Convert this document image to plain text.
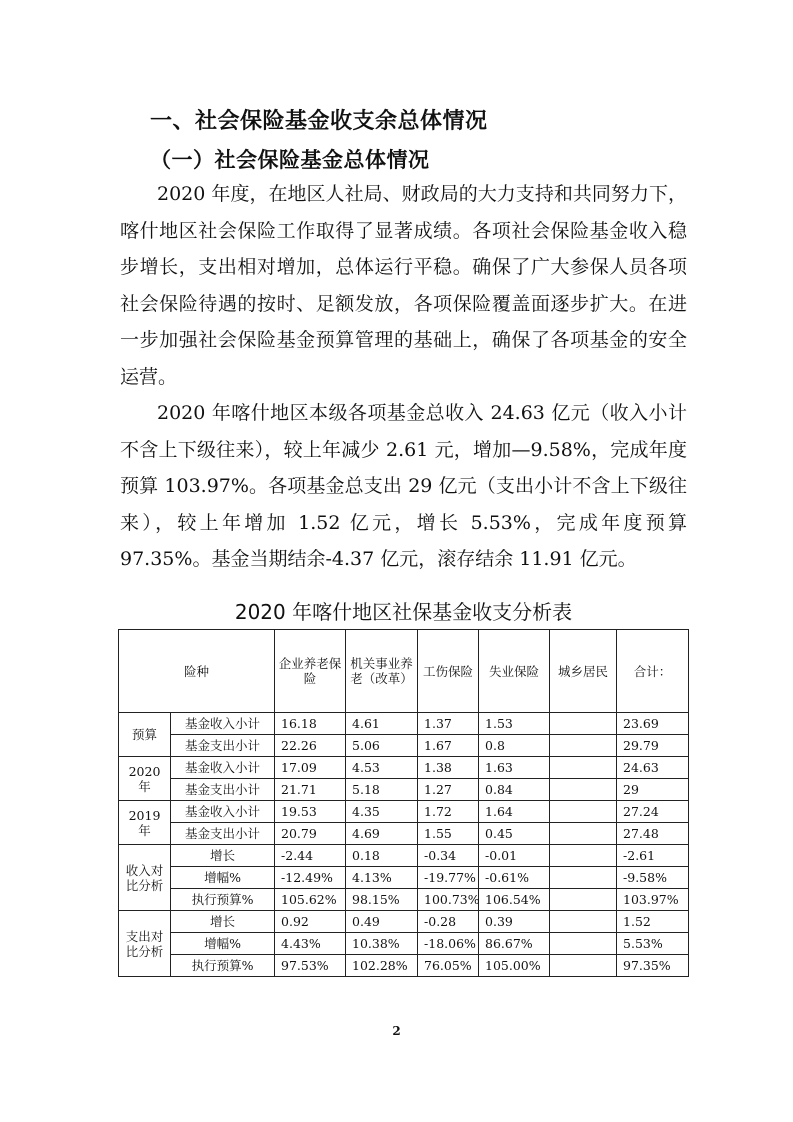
一、社会保险基金收支余总体情况
（一）社会保险基金总体情况

2020 年度，在地区人社局、财政局的大力支持和共同努力下，喀什地区社会保险工作取得了显著成绩。各项社会保险基金收入稳步增长，支出相对增加，总体运行平稳。确保了广大参保人员各项社会保险待遇的按时、足额发放，各项保险覆盖面逐步扩大。在进一步加强社会保险基金预算管理的基础上，确保了各项基金的安全运营。

2020 年喀什地区本级各项基金总收入 24.63 亿元（收入小计不含上下级往来），较上年减少 2.61 元，增加—9.58%，完成年度预算 103.97%。各项基金总支出 29 亿元（支出小计不含上下级往来），较上年增加 1.52 亿元，增长 5.53%，完成年度预算 97.35%。基金当期结余-4.37 亿元，滚存结余 11.91 亿元。

2020 年喀什地区社保基金收支分析表
险种		企业养老保险	机关事业养老（改革）	工伤保险	失业保险	城乡居民	合计：
预算	基金收入小计	16.18	4.61	1.37	1.53		23.69
	基金支出小计	22.26	5.06	1.67	0.8		29.79
2020 年	基金收入小计	17.09	4.53	1.38	1.63		24.63
	基金支出小计	21.71	5.18	1.27	0.84		29
2019 年	基金收入小计	19.53	4.35	1.72	1.64		27.24
	基金支出小计	20.79	4.69	1.55	0.45		27.48
收入对比分析	增长	-2.44	0.18	-0.34	-0.01		-2.61
	增幅%	-12.49%	4.13%	-19.77%	-0.61%		-9.58%
	执行预算%	105.62%	98.15%	100.73%	106.54%		103.97%
支出对比分析	增长	0.92	0.49	-0.28	0.39		1.52
	增幅%	4.43%	10.38%	-18.06%	86.67%		5.53%
	执行预算%	97.53%	102.28%	76.05%	105.00%		97.35%
2
